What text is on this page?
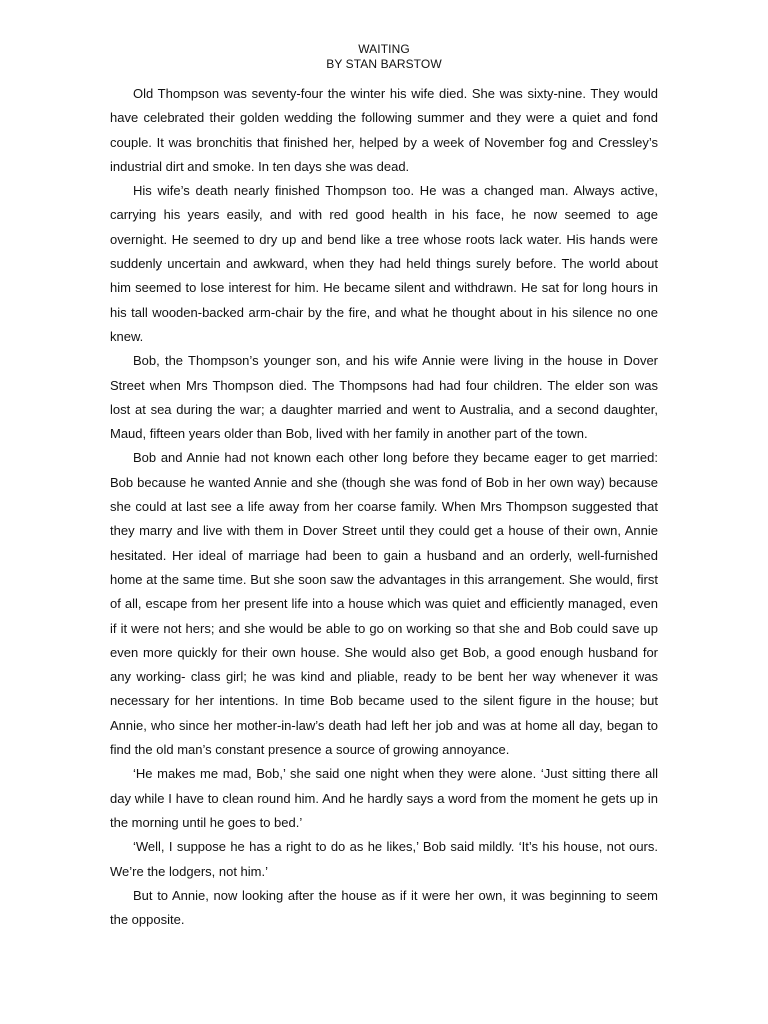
WAITING
BY STAN BARSTOW

Old Thompson was seventy-four the winter his wife died. She was sixty-nine. They would have celebrated their golden wedding the following summer and they were a quiet and fond couple. It was bronchitis that finished her, helped by a week of November fog and Cressley’s industrial dirt and smoke. In ten days she was dead.

His wife’s death nearly finished Thompson too. He was a changed man. Always active, carrying his years easily, and with red good health in his face, he now seemed to age overnight. He seemed to dry up and bend like a tree whose roots lack water. His hands were suddenly uncertain and awkward, when they had held things surely before. The world about him seemed to lose interest for him. He became silent and withdrawn. He sat for long hours in his tall wooden-backed arm-chair by the fire, and what he thought about in his silence no one knew.

Bob, the Thompson’s younger son, and his wife Annie were living in the house in Dover Street when Mrs Thompson died. The Thompsons had had four children. The elder son was lost at sea during the war; a daughter married and went to Australia, and a second daughter, Maud, fifteen years older than Bob, lived with her family in another part of the town.

Bob and Annie had not known each other long before they became eager to get married: Bob because he wanted Annie and she (though she was fond of Bob in her own way) because she could at last see a life away from her coarse family. When Mrs Thompson suggested that they marry and live with them in Dover Street until they could get a house of their own, Annie hesitated. Her ideal of marriage had been to gain a husband and an orderly, well-furnished home at the same time. But she soon saw the advantages in this arrangement. She would, first of all, escape from her present life into a house which was quiet and efficiently managed, even if it were not hers; and she would be able to go on working so that she and Bob could save up even more quickly for their own house. She would also get Bob, a good enough husband for any working- class girl; he was kind and pliable, ready to be bent her way whenever it was necessary for her intentions. In time Bob became used to the silent figure in the house; but Annie, who since her mother-in-law’s death had left her job and was at home all day, began to find the old man’s constant presence a source of growing annoyance.

‘He makes me mad, Bob,’ she said one night when they were alone. ‘Just sitting there all day while I have to clean round him. And he hardly says a word from the moment he gets up in the morning until he goes to bed.’

‘Well, I suppose he has a right to do as he likes,’ Bob said mildly. ‘It’s his house, not ours. We’re the lodgers, not him.’

But to Annie, now looking after the house as if it were her own, it was beginning to seem the opposite.
